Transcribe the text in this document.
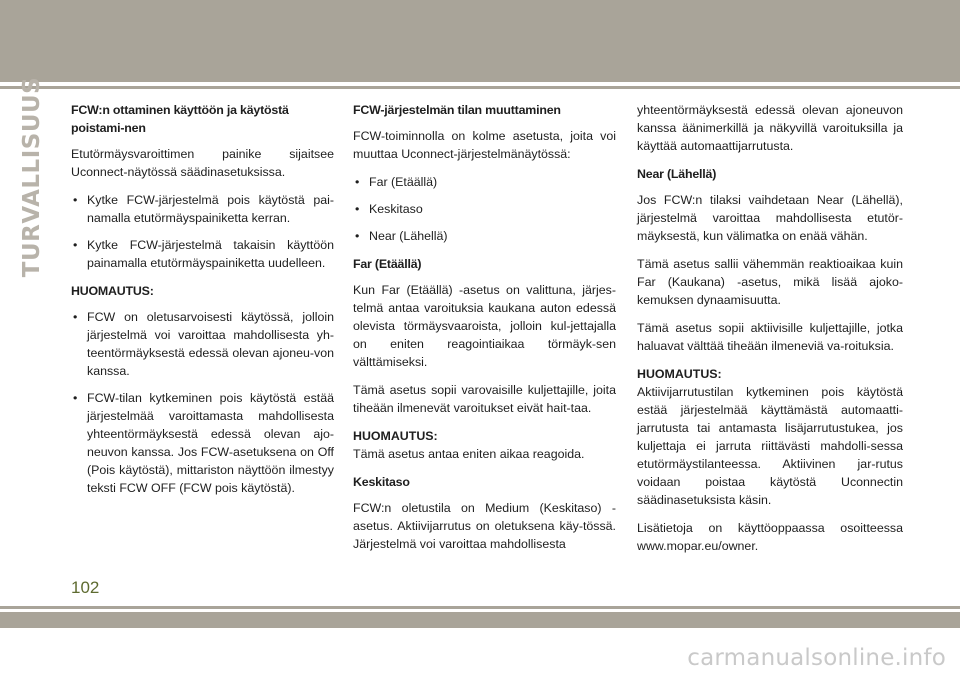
TURVALLISUUS FCW:n ottaminen käyttöön ja käytöstä poistami-nen

Etutörmäysvaroittimen painike sijaitsee Uconnect-näytössä säädinasetuksissa.

• Kytke FCW-järjestelmä pois käytöstä pai-namalla etutörmäyspainiketta kerran.
• Kytke FCW-järjestelmä takaisin käyttöön painamalla etutörmäyspainiketta uudelleen.

HUOMAUTUS:

• FCW on oletusarvoisesti käytössä, jolloin järjestelmä voi varoittaa mahdollisesta yh-teentörmäyksestä edessä olevan ajoneu-von kanssa.
• FCW-tilan kytkeminen pois käytöstä estää järjestelmää varoittamasta mahdollisesta yhteentörmäyksestä edessä olevan ajo-neuvon kanssa. Jos FCW-asetuksena on Off (Pois käytöstä), mittariston näyttöön ilmestyy teksti FCW OFF (FCW pois käytöstä).

FCW-järjestelmän tilan muuttaminen

FCW-toiminnolla on kolme asetusta, joita voi muuttaa Uconnect-järjestelmänäytössä:

• Far (Etäällä)
• Keskitaso
• Near (Lähellä)

Far (Etäällä)

Kun Far (Etäällä) -asetus on valittuna, järjes-telmä antaa varoituksia kaukana auton edessä olevista törmäysvaaroista, jolloin kul-jettajalla on eniten reagointiaikaa törmäyk-sen välttämiseksi.

Tämä asetus sopii varovaisille kuljettajille, joita tiheään ilmenevät varoitukset eivät hait-taa.

HUOMAUTUS:

Tämä asetus antaa eniten aikaa reagoida.

Keskitaso

FCW:n oletustila on Medium (Keskitaso) -asetus. Aktiivijarrutus on oletuksena käy-tössä. Järjestelmä voi varoittaa mahdollisesta

yhteentörmäyksestä edessä olevan ajoneuvon kanssa äänimerkillä ja näkyvillä varoituksilla ja käyttää automaattijarrutusta.

Near (Lähellä)

Jos FCW:n tilaksi vaihdetaan Near (Lähellä), järjestelmä varoittaa mahdollisesta etutör-mäyksestä, kun välimatka on enää vähän.

Tämä asetus sallii vähemmän reaktioaikaa kuin Far (Kaukana) -asetus, mikä lisää ajoko-kemuksen dynaamisuutta.

Tämä asetus sopii aktiivisille kuljettajille, jotka haluavat välttää tiheään ilmeneviä va-roituksia.

HUOMAUTUS:

Aktiivijarrutustilan kytkeminen pois käytöstä estää järjestelmää käyttämästä automaatti-jarrutusta tai antamasta lisäjarrutustukea, jos kuljettaja ei jarruta riittävästi mahdolli-sessa etutörmäystilanteessa. Aktiivinen jar-rutus voidaan poistaa käytöstä Uconnectin säädinasetuksista käsin.

Lisätietoja on käyttöoppaassa osoitteessa www.mopar.eu/owner.

102
carmanualsonline.info
